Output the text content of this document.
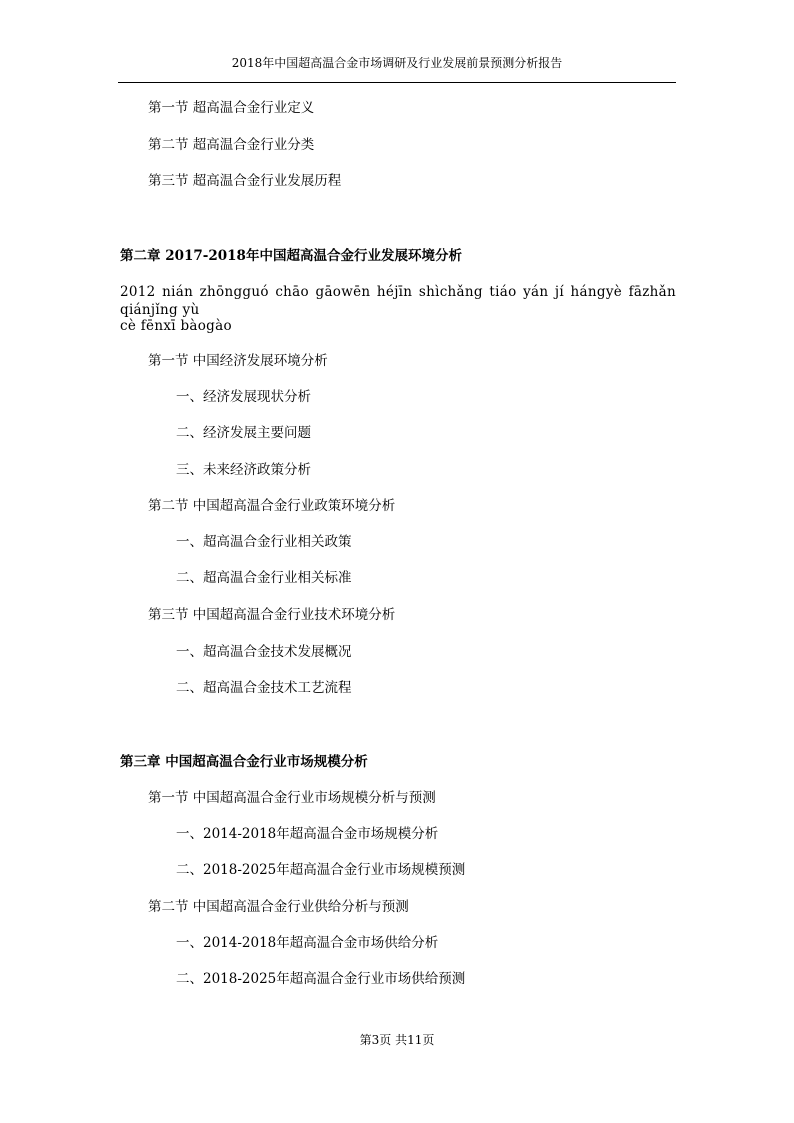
2018年中国超高温合金市场调研及行业发展前景预测分析报告
第一节 超高温合金行业定义
第二节 超高温合金行业分类
第三节 超高温合金行业发展历程
第二章 2017-2018年中国超高温合金行业发展环境分析
2012 nián zhōngguó chāo gāowēn héjīn shìchǎng tiáo yán jí hángyè fāzhǎn qiánjǐng yù
cè fēnxī bàogào
第一节 中国经济发展环境分析
一、经济发展现状分析
二、经济发展主要问题
三、未来经济政策分析
第二节 中国超高温合金行业政策环境分析
一、超高温合金行业相关政策
二、超高温合金行业相关标准
第三节 中国超高温合金行业技术环境分析
一、超高温合金技术发展概况
二、超高温合金技术工艺流程
第三章 中国超高温合金行业市场规模分析
第一节 中国超高温合金行业市场规模分析与预测
一、2014-2018年超高温合金市场规模分析
二、2018-2025年超高温合金行业市场规模预测
第二节 中国超高温合金行业供给分析与预测
一、2014-2018年超高温合金市场供给分析
二、2018-2025年超高温合金行业市场供给预测
第3页 共11页
